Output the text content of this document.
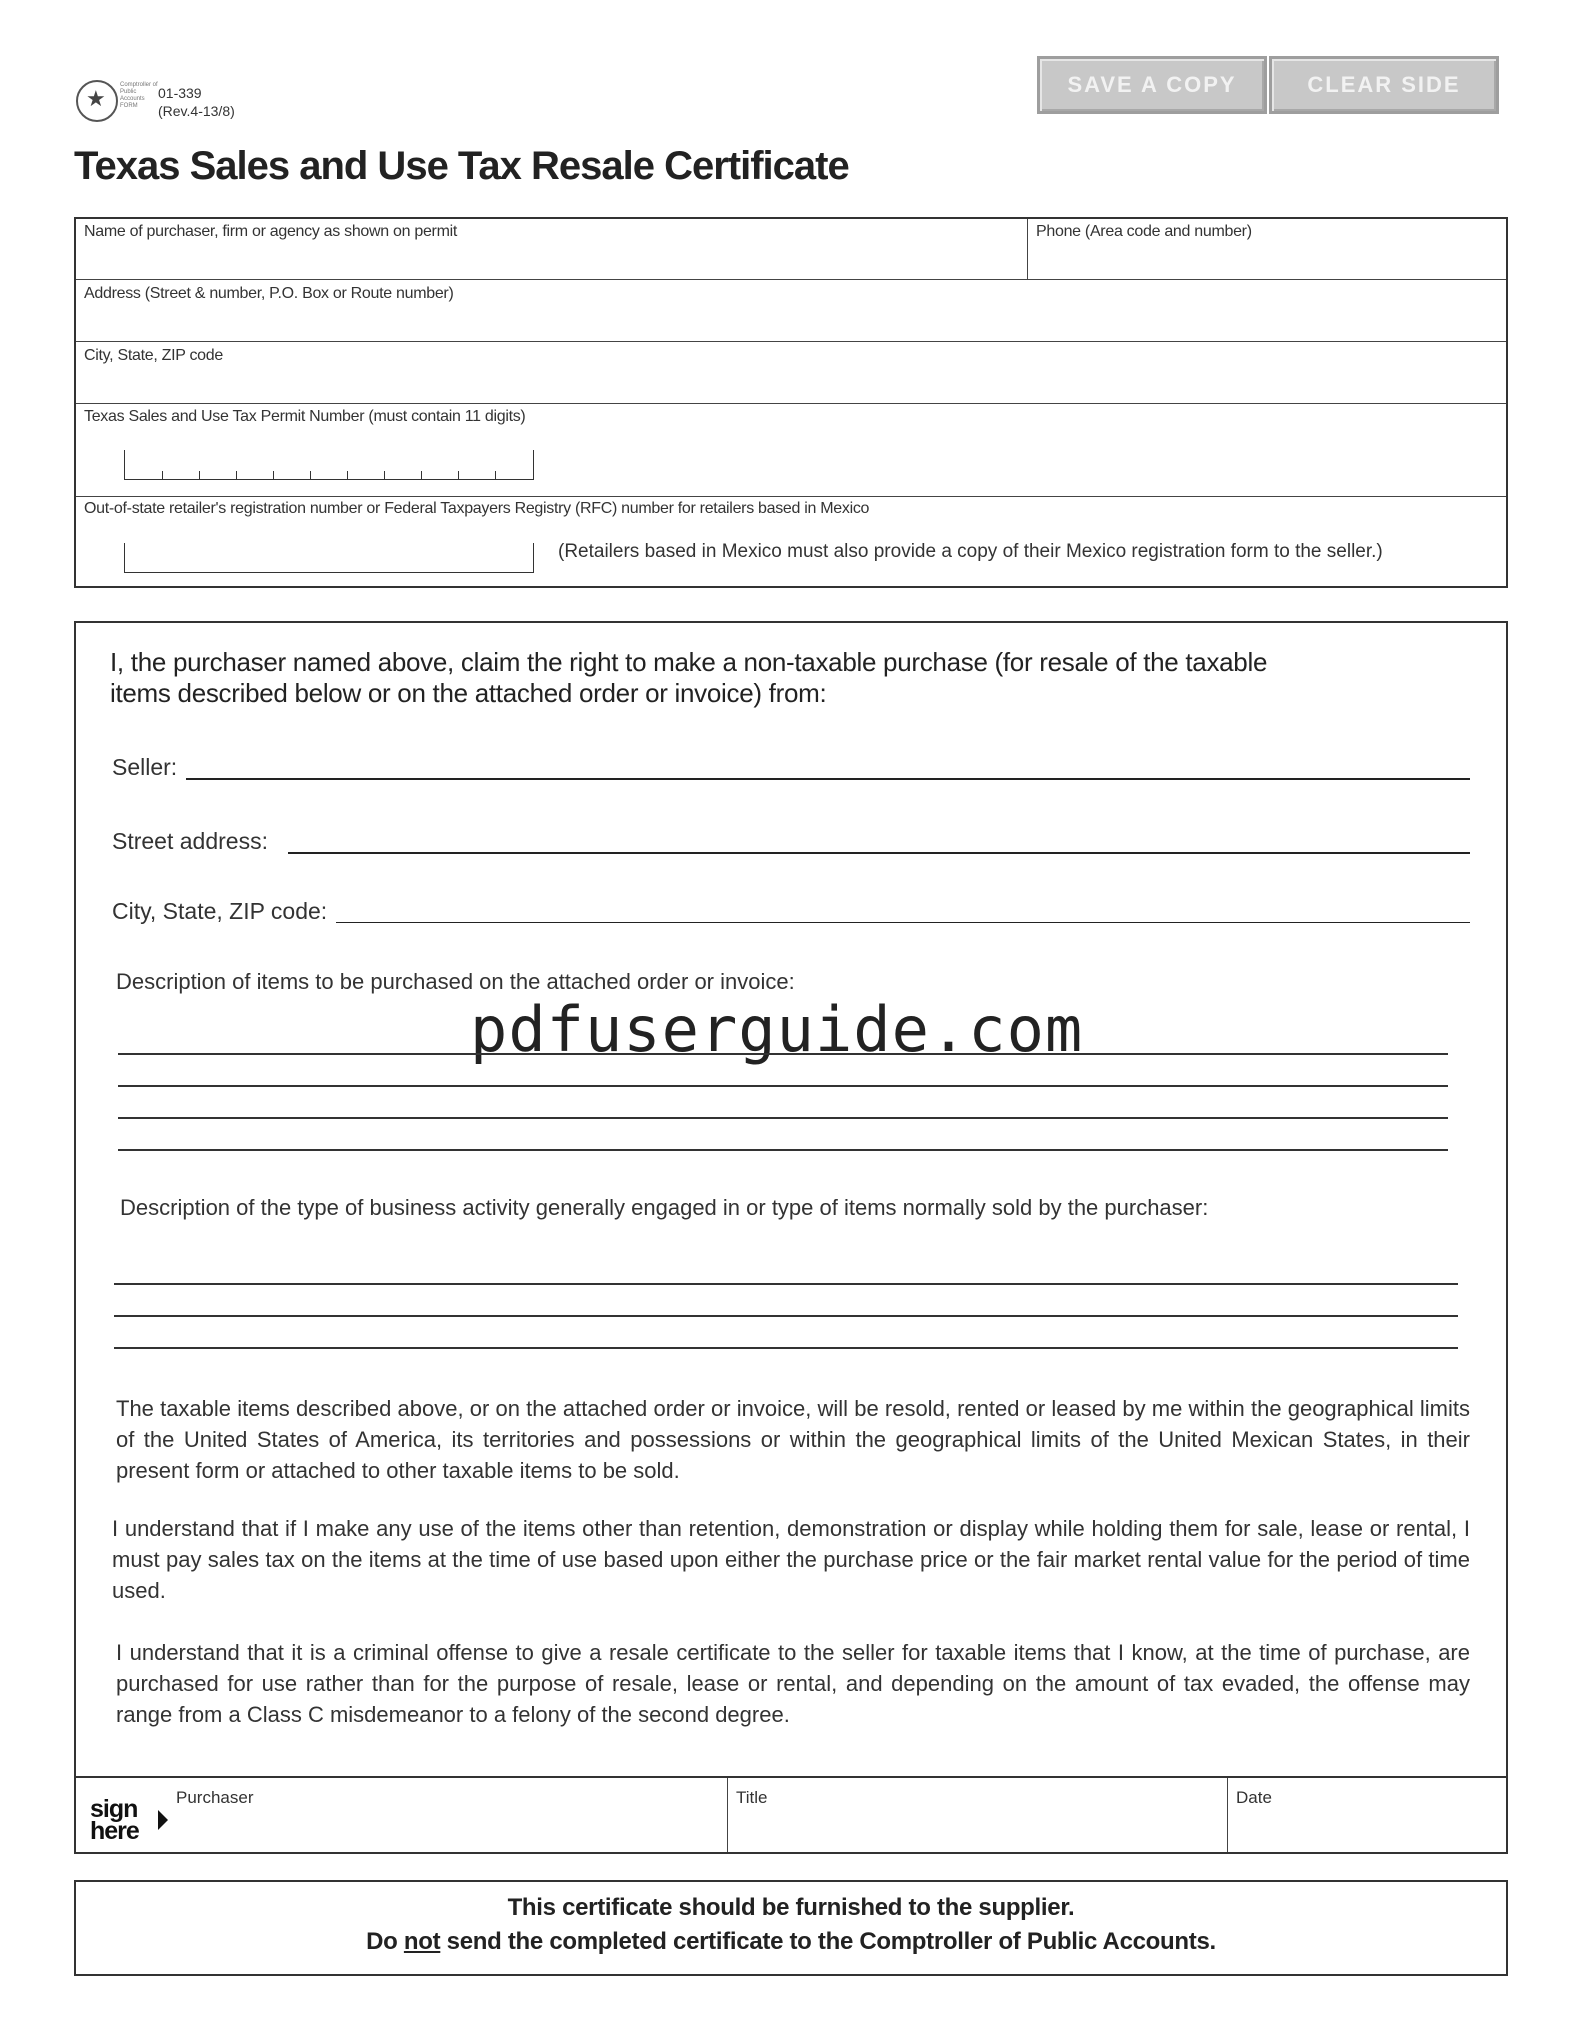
★
Comptroller of Public Accounts FORM
01-339
(Rev.4-13/8)
SAVE A COPY	CLEAR SIDE
Texas Sales and Use Tax Resale Certificate
Name of purchaser, firm or agency as shown on permit	Phone (Area code and number)
Address (Street & number, P.O. Box or Route number)
City, State, ZIP code
Texas Sales and Use Tax Permit Number (must contain 11 digits)
Out-of-state retailer's registration number or Federal Taxpayers Registry (RFC) number for retailers based in Mexico
(Retailers based in Mexico must also provide a copy of their Mexico registration form to the seller.)
I, the purchaser named above, claim the right to make a non-taxable purchase (for resale of the taxable
items described below or on the attached order or invoice) from:
Seller:
Street address:
City, State, ZIP code:
Description of items to be purchased on the attached order or invoice:
pdfuserguide.com
Description of the type of business activity generally engaged in or type of items normally sold by the purchaser:
The taxable items described above, or on the attached order or invoice, will be resold, rented or leased by me within the geographical limits of the United States of America, its territories and possessions or within the geographical limits of the United Mexican States, in their present form or attached to other taxable items to be sold.
I understand that if I make any use of the items other than retention, demonstration or display while holding them for sale, lease or rental, I must pay sales tax on the items at the time of use based upon either the purchase price or the fair market rental value for the period of time used.
I understand that it is a criminal offense to give a resale certificate to the seller for taxable items that I know, at the time of purchase, are purchased for use rather than for the purpose of resale, lease or rental, and depending on the amount of tax evaded, the offense may range from a Class C misdemeanor to a felony of the second degree.
sign
here
Purchaser	Title	Date
This certificate should be furnished to the supplier.
Do not send the completed certificate to the Comptroller of Public Accounts.
